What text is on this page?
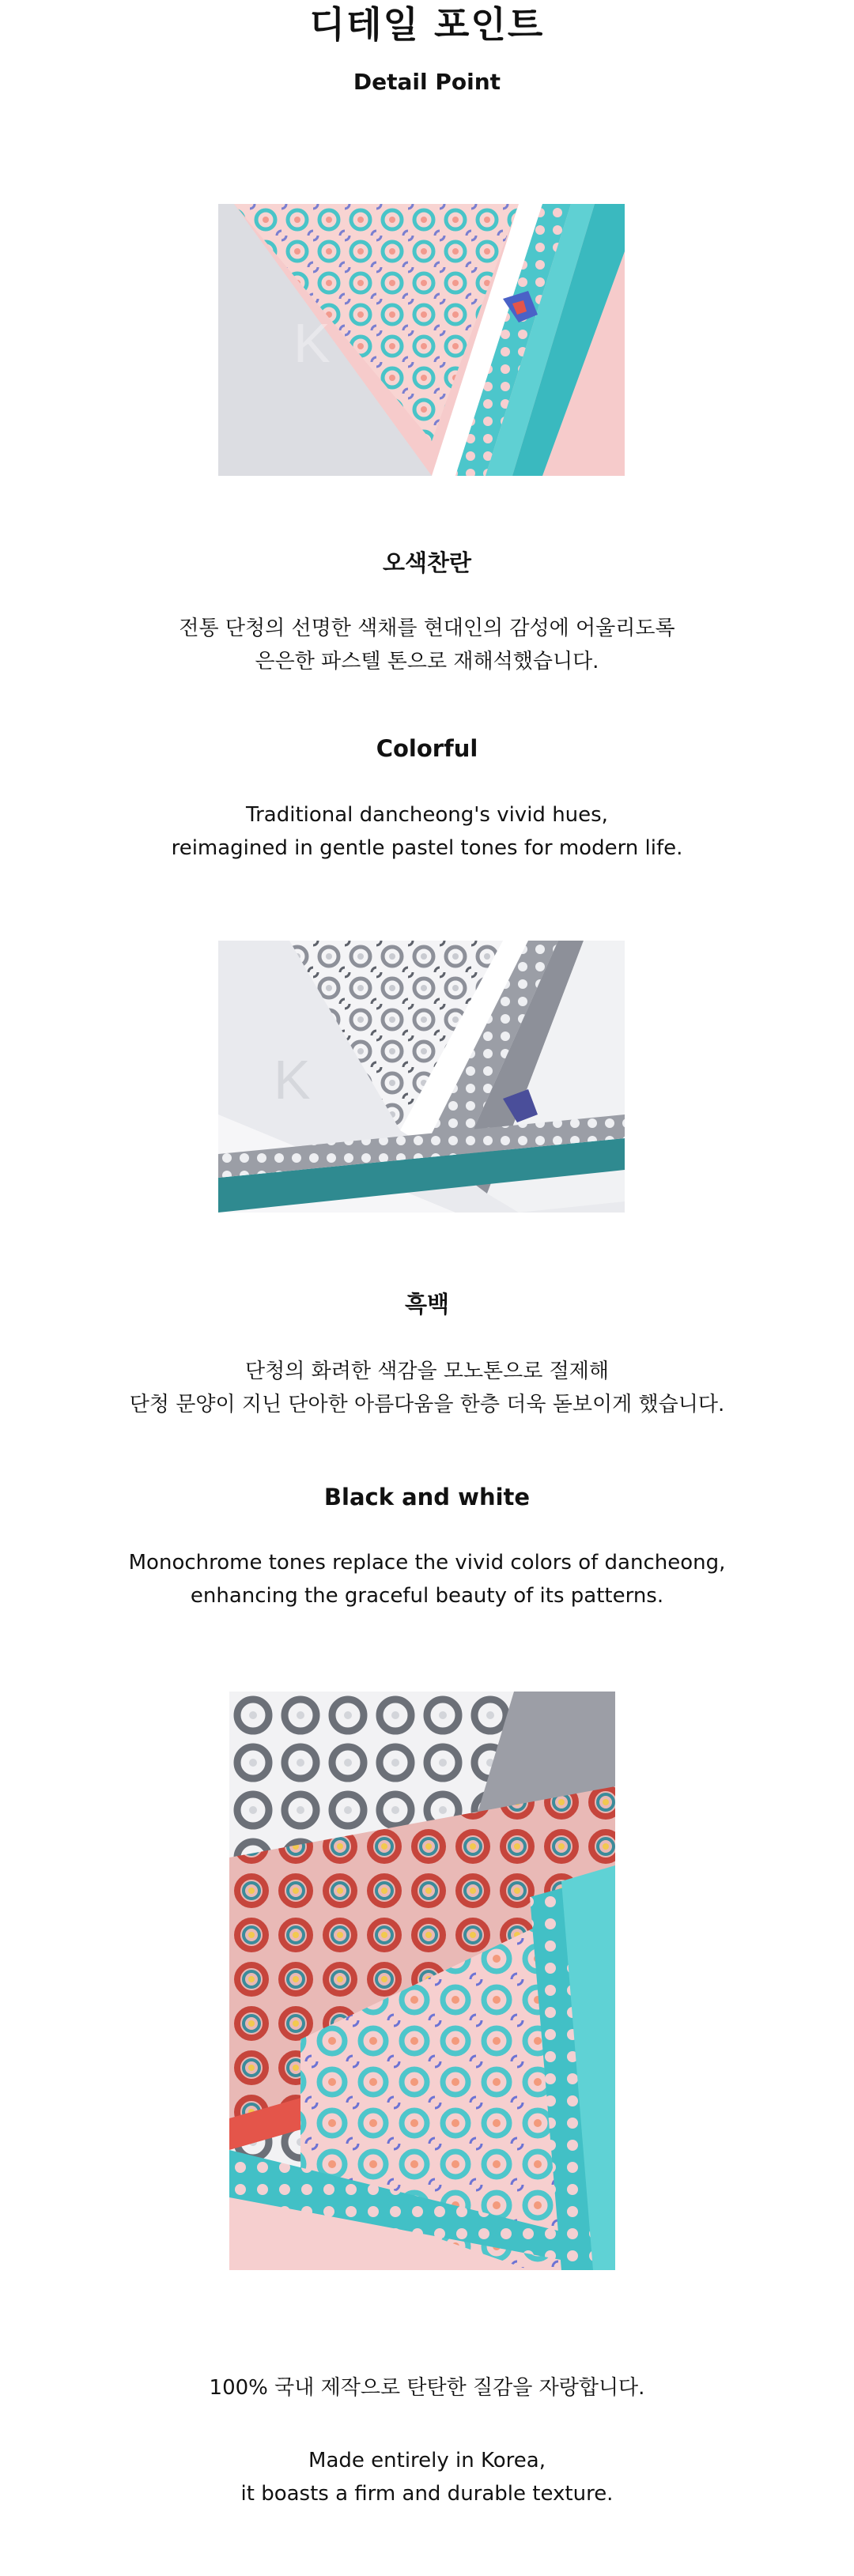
디테일 포인트
Detail Point
K
오색찬란
전통 단청의 선명한 색채를 현대인의 감성에 어울리도록
은은한 파스텔 톤으로 재해석했습니다.
Colorful
Traditional dancheong's vivid hues,
reimagined in gentle pastel tones for modern life.
K
흑백
단청의 화려한 색감을 모노톤으로 절제해
단청 문양이 지닌 단아한 아름다움을 한층 더욱 돋보이게 했습니다.
Black and white
Monochrome tones replace the vivid colors of dancheong,
enhancing the graceful beauty of its patterns.
100% 국내 제작으로 탄탄한 질감을 자랑합니다.
Made entirely in Korea,
it boasts a firm and durable texture.
